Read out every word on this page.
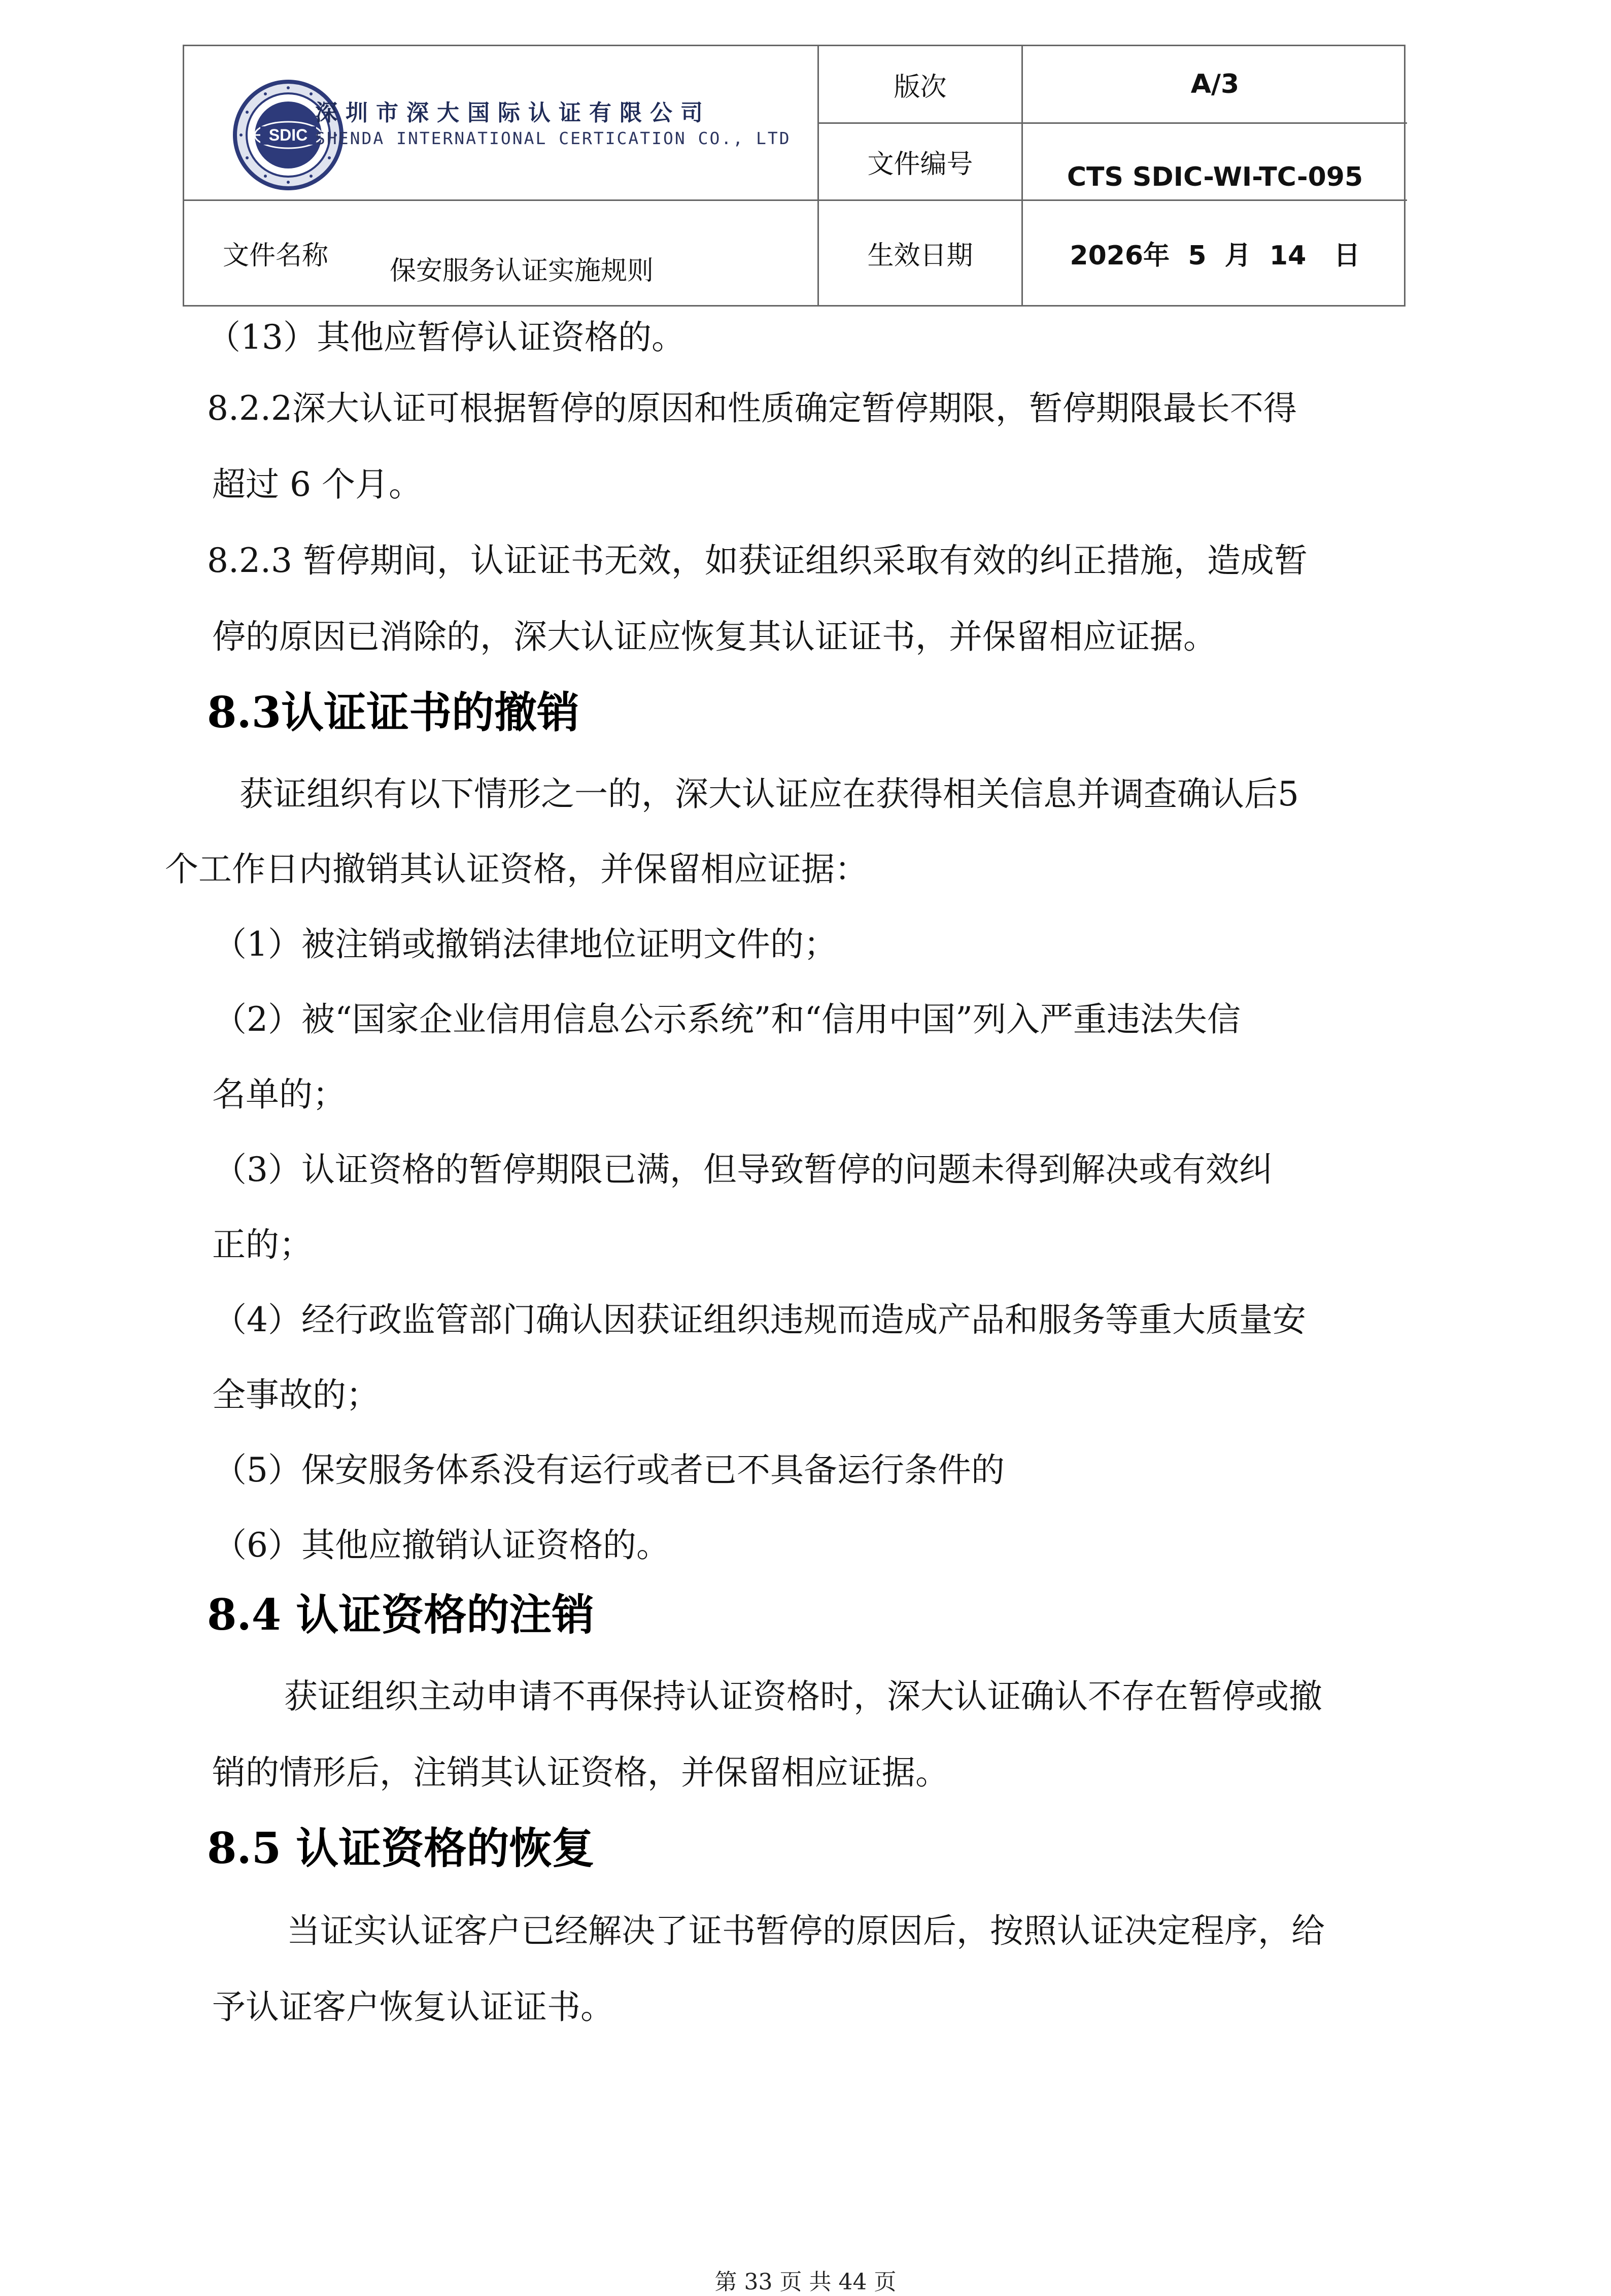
SDIC
深圳市深大国际认证有限公司
SHENDA INTERNATIONAL CERTICATION CO., LTD
版次	A/3
文件编号	CTS SDIC-WI-TC-095
文件名称	保安服务认证实施规则	生效日期	2026年  5  月  14   日
（13）其他应暂停认证资格的。
8.2.2深大认证可根据暂停的原因和性质确定暂停期限，暂停期限最长不得
超过 6 个月。
8.2.3 暂停期间，认证证书无效，如获证组织采取有效的纠正措施，造成暂
停的原因已消除的，深大认证应恢复其认证证书，并保留相应证据。
8.3认证证书的撤销
获证组织有以下情形之一的，深大认证应在获得相关信息并调查确认后5
个工作日内撤销其认证资格，并保留相应证据：
（1）被注销或撤销法律地位证明文件的；
（2）被“国家企业信用信息公示系统”和“信用中国”列入严重违法失信
名单的；
（3）认证资格的暂停期限已满，但导致暂停的问题未得到解决或有效纠
正的；
（4）经行政监管部门确认因获证组织违规而造成产品和服务等重大质量安
全事故的；
（5）保安服务体系没有运行或者已不具备运行条件的
（6）其他应撤销认证资格的。
8.4 认证资格的注销
获证组织主动申请不再保持认证资格时，深大认证确认不存在暂停或撤
销的情形后，注销其认证资格，并保留相应证据。
8.5 认证资格的恢复
当证实认证客户已经解决了证书暂停的原因后，按照认证决定程序，给
予认证客户恢复认证证书。
第 33 页 共 44 页
